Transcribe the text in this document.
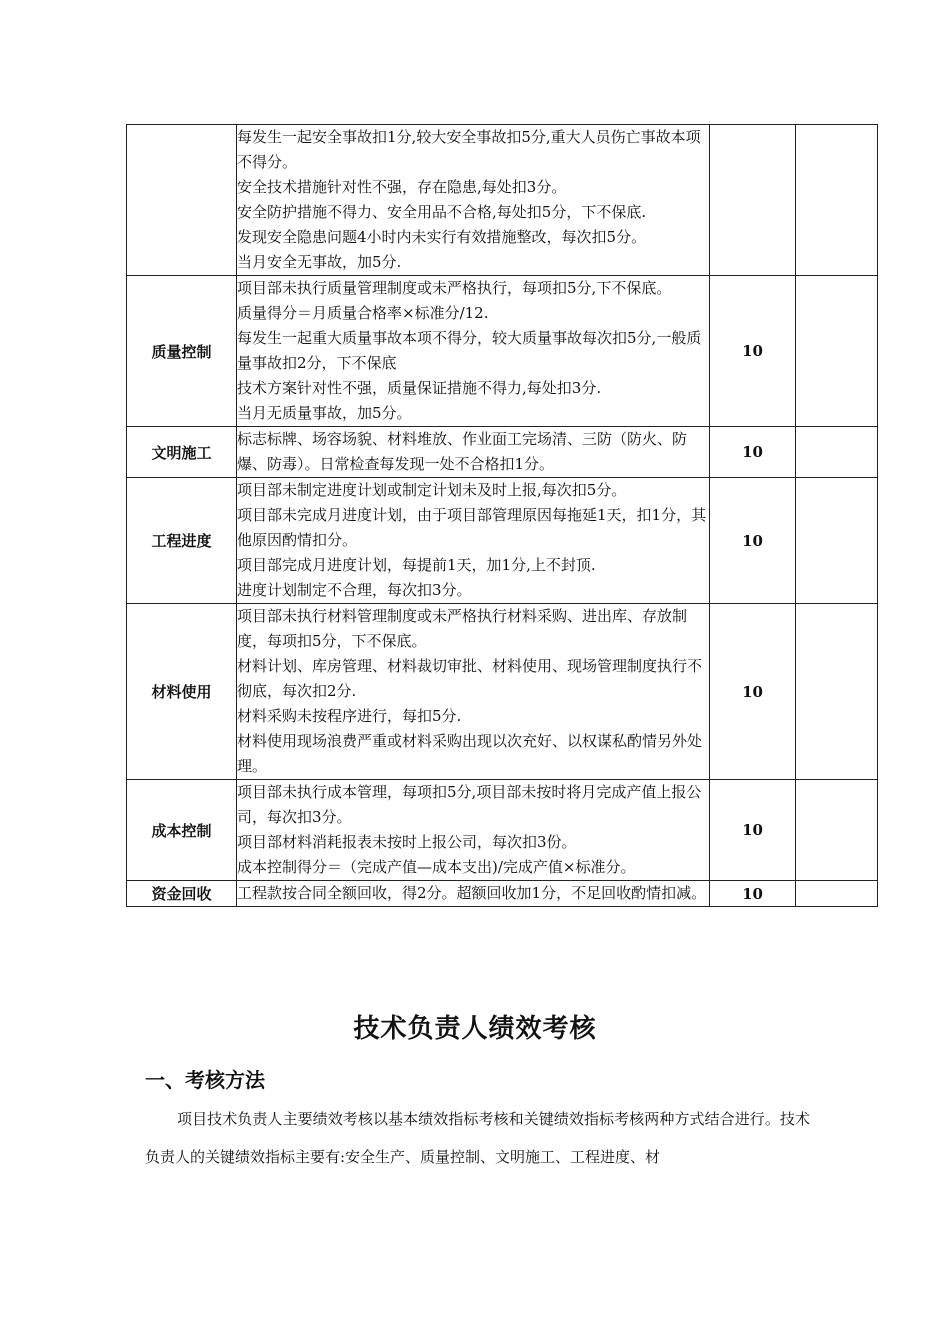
	每发生一起安全事故扣1分,较大安全事故扣5分,重大人员伤亡事故本项不得分。

安全技术措施针对性不强，存在隐患,每处扣3分。

安全防护措施不得力、安全用品不合格,每处扣5分，下不保底.

发现安全隐患问题4小时内未实行有效措施整改，每次扣5分。

当月安全无事故，加5分.		

质量控制	项目部未执行质量管理制度或未严格执行，每项扣5分,下不保底。

质量得分＝月质量合格率×标准分/12.

每发生一起重大质量事故本项不得分，较大质量事故每次扣5分,一般质量事故扣2分，下不保底

技术方案针对性不强，质量保证措施不得力,每处扣3分.

当月无质量事故，加5分。	10	
文明施工	标志标牌、场容场貌、材料堆放、作业面工完场清、三防（防火、防爆、防毒）。日常检查每发现一处不合格扣1分。	10	
工程进度	项目部未制定进度计划或制定计划未及时上报,每次扣5分。

项目部未完成月进度计划，由于项目部管理原因每拖延1天，扣1分，其他原因酌情扣分。

项目部完成月进度计划，每提前1天，加1分,上不封顶.

进度计划制定不合理，每次扣3分。	10	
材料使用	项目部未执行材料管理制度或未严格执行材料采购、进出库、存放制度，每项扣5分，下不保底。

材料计划、库房管理、材料裁切审批、材料使用、现场管理制度执行不彻底，每次扣2分.

材料采购未按程序进行，每扣5分.

材料使用现场浪费严重或材料采购出现以次充好、以权谋私酌情另外处理。	10	
成本控制	项目部未执行成本管理，每项扣5分,项目部未按时将月完成产值上报公司，每次扣3分。

项目部材料消耗报表未按时上报公司，每次扣3份。

成本控制得分＝（完成产值—成本支出)/完成产值×标准分。	10	
资金回收	工程款按合同全额回收，得2分。超额回收加1分，不足回收酌情扣减。	10	
技术负责人绩效考核
一、考核方法

项目技术负责人主要绩效考核以基本绩效指标考核和关键绩效指标考核两种方式结合进行。技术负责人的关键绩效指标主要有:安全生产、质量控制、文明施工、工程进度、材
